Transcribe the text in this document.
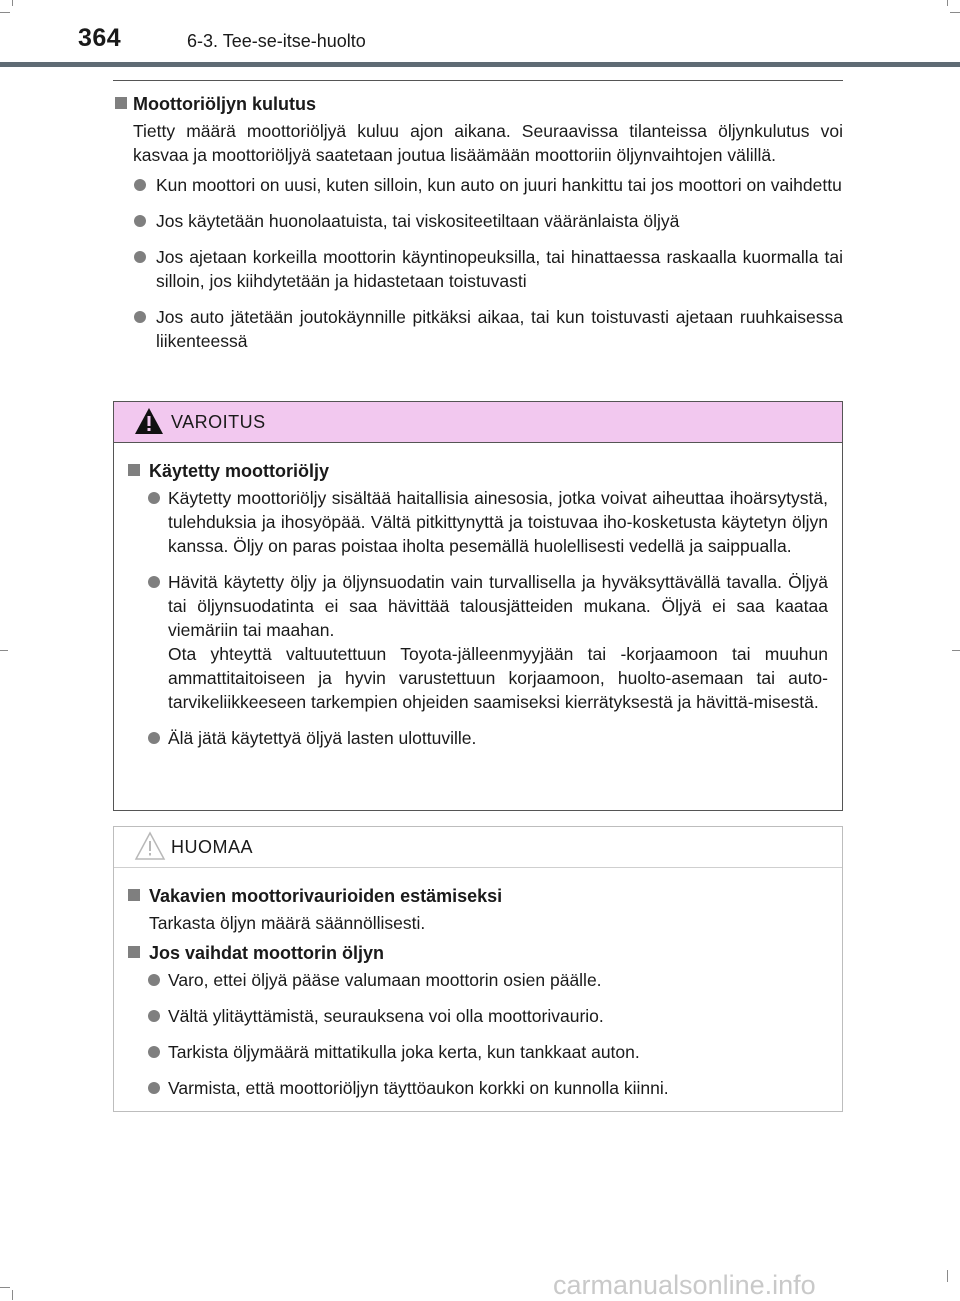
364	6-3. Tee-se-itse-huolto
Moottoriöljyn kulutus
Tietty määrä moottoriöljyä kuluu ajon aikana. Seuraavissa tilanteissa öljynkulutus voi kasvaa ja moottoriöljyä saatetaan joutua lisäämään moottoriin öljynvaihtojen välillä.
Kun moottori on uusi, kuten silloin, kun auto on juuri hankittu tai jos moottori on vaihdettu
Jos käytetään huonolaatuista, tai viskositeetiltaan vääränlaista öljyä
Jos ajetaan korkeilla moottorin käyntinopeuksilla, tai hinattaessa raskaalla kuormalla tai silloin, jos kiihdytetään ja hidastetaan toistuvasti
Jos auto jätetään joutokäynnille pitkäksi aikaa, tai kun toistuvasti ajetaan ruuhkaisessa liikenteessä
VAROITUS
Käytetty moottoriöljy
Käytetty moottoriöljy sisältää haitallisia ainesosia, jotka voivat aiheuttaa ihoärsytystä, tulehduksia ja ihosyöpää. Vältä pitkittynyttä ja toistuvaa iho-kosketusta käytetyn öljyn kanssa. Öljy on paras poistaa iholta pesemällä huolellisesti vedellä ja saippualla.
Hävitä käytetty öljy ja öljynsuodatin vain turvallisella ja hyväksyttävällä tavalla. Öljyä tai öljynsuodatinta ei saa hävittää talousjätteiden mukana. Öljyä ei saa kaataa viemäriin tai maahan.
Ota yhteyttä valtuutettuun Toyota-jälleenmyyjään tai -korjaamoon tai muuhun ammattitaitoiseen ja hyvin varustettuun korjaamoon, huolto-asemaan tai auto-tarvikeliikkeeseen tarkempien ohjeiden saamiseksi kierrätyksestä ja hävittä-misestä.
Älä jätä käytettyä öljyä lasten ulottuville.
HUOMAA
Vakavien moottorivaurioiden estämiseksi
Tarkasta öljyn määrä säännöllisesti.
Jos vaihdat moottorin öljyn
Varo, ettei öljyä pääse valumaan moottorin osien päälle.
Vältä ylitäyttämistä, seurauksena voi olla moottorivaurio.
Tarkista öljymäärä mittatikulla joka kerta, kun tankkaat auton.
Varmista, että moottoriöljyn täyttöaukon korkki on kunnolla kiinni.
carmanualsonline.info
